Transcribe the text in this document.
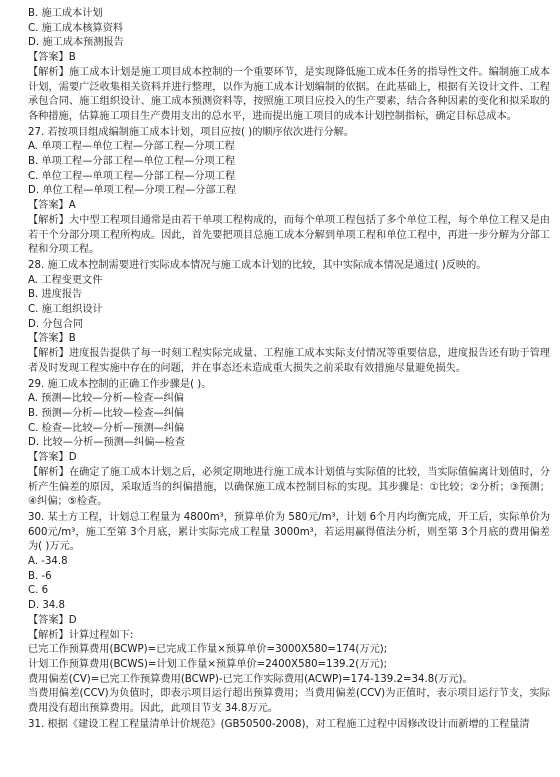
B. 施工成本计划
C. 施工成本核算资料
D. 施工成本预测报告
【答案】B
【解析】施工成本计划是施工项目成本控制的一个重要环节，是实现降低施工成本任务的指导性文件。编制施工成本计划，需要广泛收集相关资料并进行整理，以作为施工成本计划编制的依据。在此基础上，根据有关设计文件、工程承包合同、施工组织设计、施工成本预测资料等，按照施工项目应投入的生产要素，结合各种因素的变化和拟采取的各种措施，估算施工项目生产费用支出的总水平，进而提出施工项目的成本计划控制指标，确定目标总成本。
27. 若按项目组成编制施工成本计划，项目应按( )的顺序依次进行分解。
A. 单项工程—单位工程—分部工程—分项工程
B. 单项工程—分部工程—单位工程—分项工程
C. 单位工程—单项工程—分部工程—分项工程
D. 单位工程—单项工程—分项工程—分部工程
【答案】A
【解析】大中型工程项目通常是由若干单项工程构成的，而每个单项工程包括了多个单位工程，每个单位工程又是由若干个分部分项工程所构成。因此，首先要把项目总施工成本分解到单项工程和单位工程中，再进一步分解为分部工程和分项工程。
28. 施工成本控制需要进行实际成本情况与施工成本计划的比较，其中实际成本情况是通过( )反映的。
A. 工程变更文件
B. 进度报告
C. 施工组织设计
D. 分包合同
【答案】B
【解析】进度报告提供了每一时刻工程实际完成量、工程施工成本实际支付情况等重要信息，进度报告还有助于管理者及时发现工程实施中存在的问题，并在事态还未造成重大损失之前采取有效措施尽量避免损失。
29. 施工成本控制的正确工作步骤是( )。
A. 预测—比较—分析—检查—纠偏
B. 预测—分析—比较—检查—纠偏
C. 检查—比较—分析—预测—纠偏
D. 比较—分析—预测—纠偏—检查
【答案】D
【解析】在确定了施工成本计划之后，必须定期地进行施工成本计划值与实际值的比较，当实际值偏离计划值时，分析产生偏差的原因，采取适当的纠偏措施，以确保施工成本控制目标的实现。其步骤是：①比较；②分析；③预测；④纠偏；⑤检查。
30. 某土方工程，计划总工程量为 4800m³，预算单价为 580元/m³，计划 6个月内均衡完成，开工后，实际单价为 600元/m³，施工至第 3个月底，累计实际完成工程量 3000m³，若运用赢得值法分析，则至第 3个月底的费用偏差为( )万元。
A. -34.8
B. -6
C. 6
D. 34.8
【答案】D
【解析】计算过程如下:
已完工作预算费用(BCWP)=已完成工作量×预算单价=3000X580=174(万元);
计划工作预算费用(BCWS)=计划工作量×预算单价=2400X580=139.2(万元);
费用偏差(CV)=已完工作预算费用(BCWP)-已完工作实际费用(ACWP)=174-139.2=34.8(万元)。
当费用偏差(CCV)为负值时，即表示项目运行超出预算费用；当费用偏差(CCV)为正值时，表示项目运行节支，实际费用没有超出预算费用。因此，此项目节支 34.8万元。
31. 根据《建设工程工程量清单计价规范》(GB50500-2008)，对工程施工过程中因修改设计而新增的工程量清
